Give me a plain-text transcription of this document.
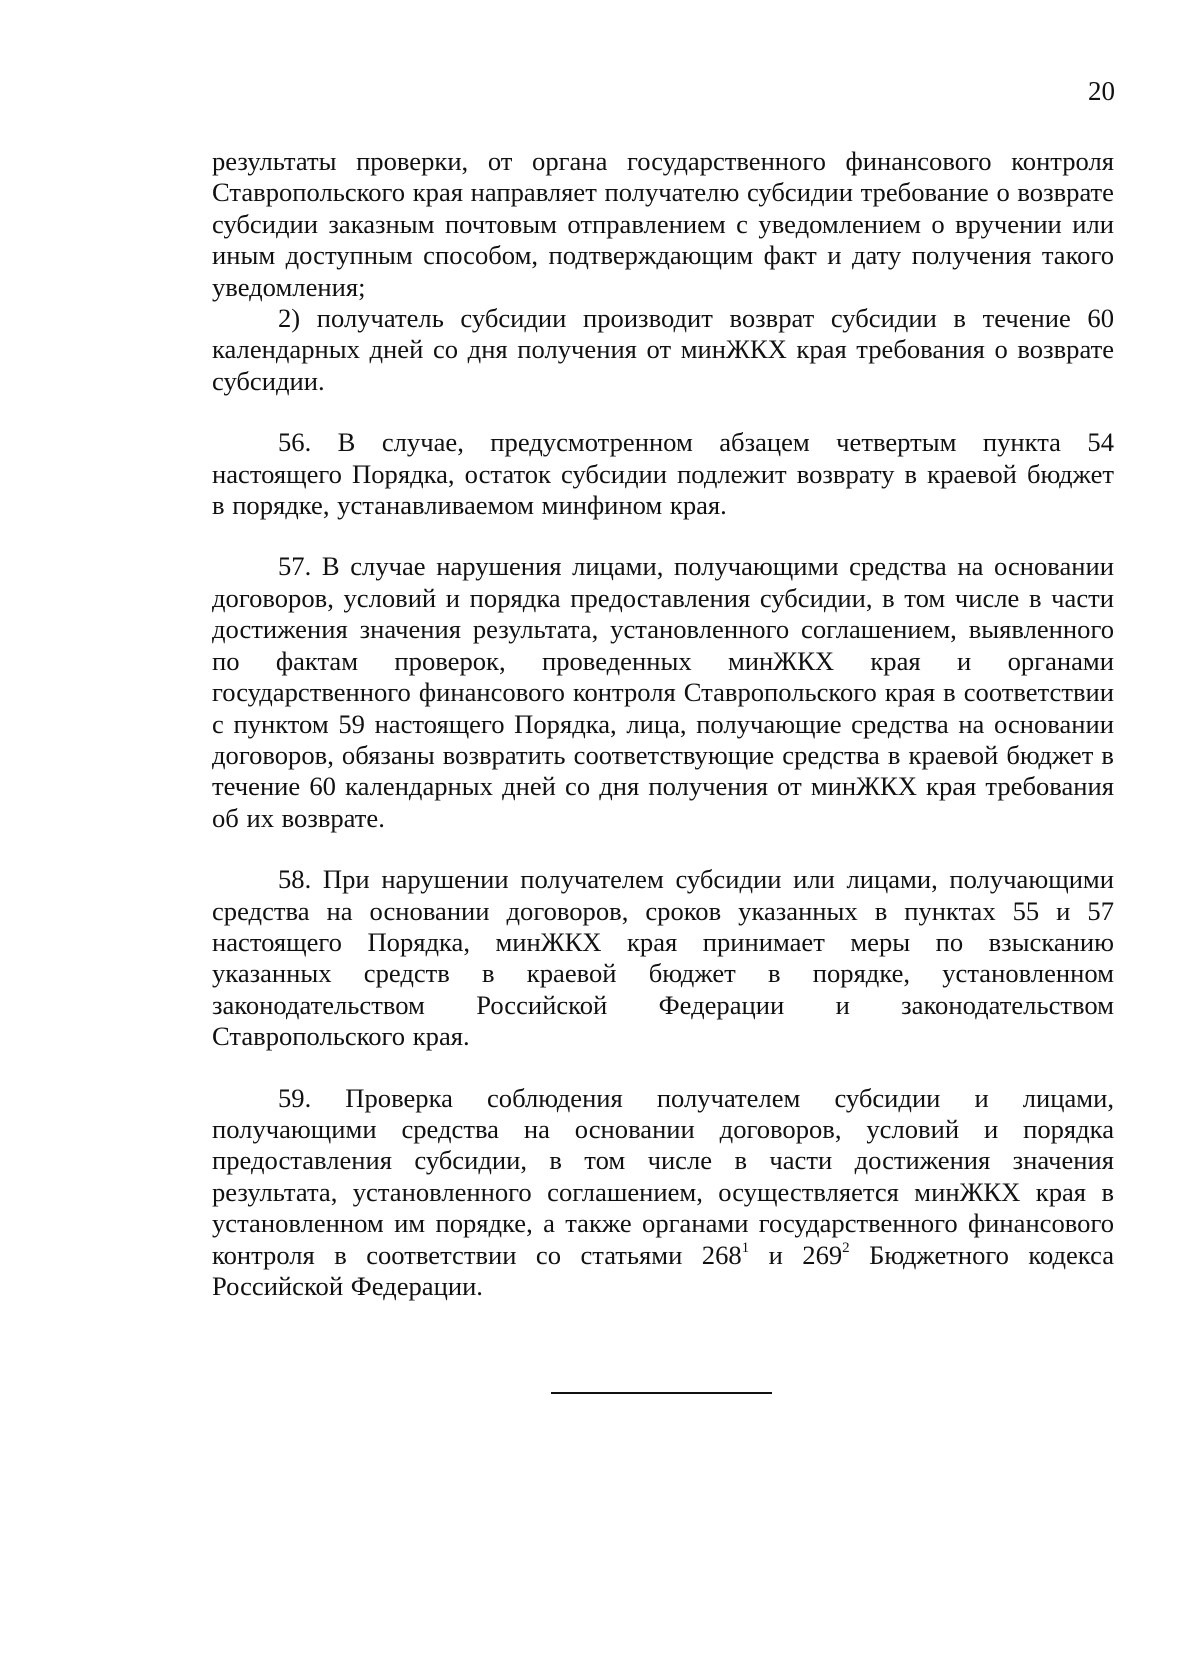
20

результаты проверки, от органа государственного финансового контроля Ставропольского края направляет получателю субсидии требование о возврате субсидии заказным почтовым отправлением с уведомлением о вручении или иным доступным способом, подтверждающим факт и дату получения такого уведомления;

2) получатель субсидии производит возврат субсидии в течение 60 календарных дней со дня получения от минЖКХ края требования о возврате субсидии.

56. В случае, предусмотренном абзацем четвертым пункта 54 настоящего Порядка, остаток субсидии подлежит возврату в краевой бюджет в порядке, устанавливаемом минфином края.

57. В случае нарушения лицами, получающими средства на основании договоров, условий и порядка предоставления субсидии, в том числе в части достижения значения результата, установленного соглашением, выявленного по фактам проверок, проведенных минЖКХ края и органами государственного финансового контроля Ставропольского края в соответствии с пунктом 59 настоящего Порядка, лица, получающие средства на основании договоров, обязаны возвратить соответствующие средства в краевой бюджет в течение 60 календарных дней со дня получения от минЖКХ края требования об их возврате.

58. При нарушении получателем субсидии или лицами, получающими средства на основании договоров, сроков указанных в пунктах 55 и 57 настоящего Порядка, минЖКХ края принимает меры по взысканию указанных средств в краевой бюджет в порядке, установленном законодательством Российской Федерации и законодательством Ставропольского края.

59. Проверка соблюдения получателем субсидии и лицами, получающими средства на основании договоров, условий и порядка предоставления субсидии, в том числе в части достижения значения результата, установленного соглашением, осуществляется минЖКХ края в установленном им порядке, а также органами государственного финансового контроля в соответствии со статьями $268^1$ и $269^2$ Бюджетного кодекса Российской Федерации.
